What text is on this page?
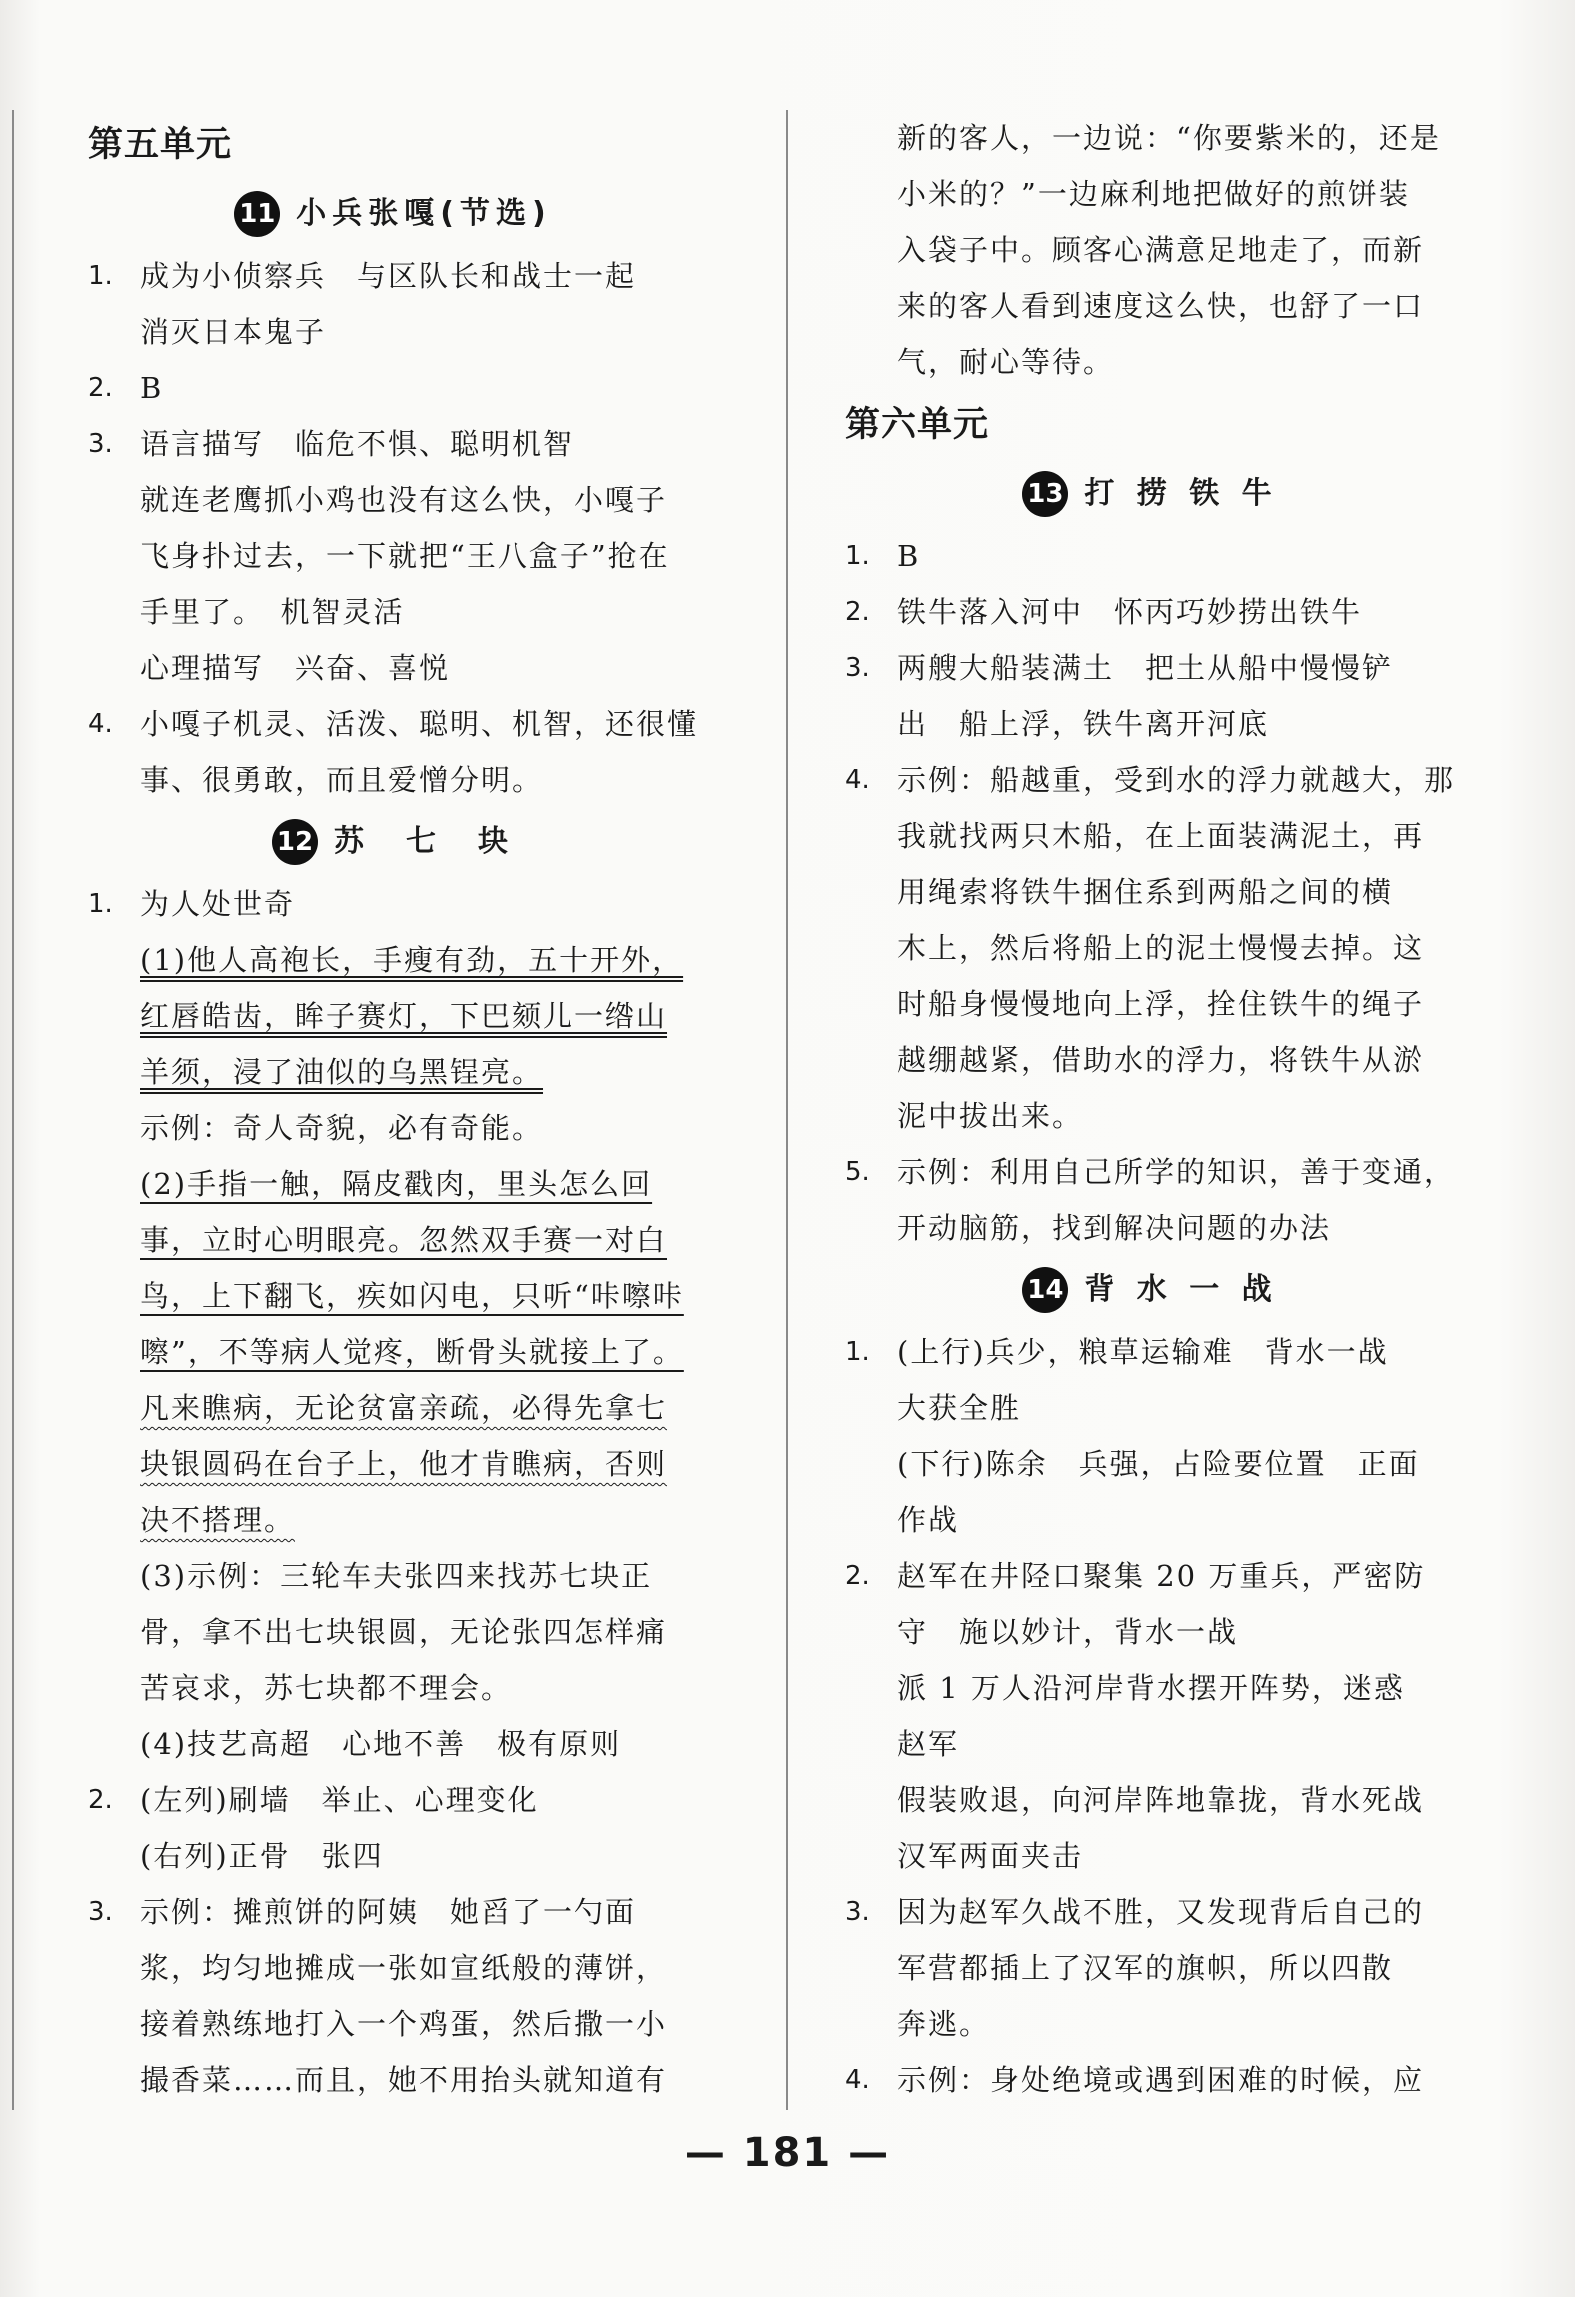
第五单元
11 小兵张嘎(节选)
1. 成为小侦察兵　与区队长和战士一起
消灭日本鬼子
2. B
3. 语言描写　临危不惧、聪明机智
就连老鹰抓小鸡也没有这么快，小嘎子
飞身扑过去，一下就把“王八盒子”抢在
手里了。　机智灵活
心理描写　兴奋、喜悦
4. 小嘎子机灵、活泼、聪明、机智，还很懂
事、很勇敢，而且爱憎分明。
12 苏　七　块
1. 为人处世奇
(1)他人高袍长，手瘦有劲，五十开外，
红唇皓齿，眸子赛灯，下巴颏儿一绺山
羊须，浸了油似的乌黑锃亮。
示例：奇人奇貌，必有奇能。
(2)手指一触，隔皮戳肉，里头怎么回
事，立时心明眼亮。忽然双手赛一对白
鸟，上下翻飞，疾如闪电，只听“咔嚓咔
嚓”，不等病人觉疼，断骨头就接上了。
凡来瞧病，无论贫富亲疏，必得先拿七
块银圆码在台子上，他才肯瞧病，否则
决不搭理。
(3)示例：三轮车夫张四来找苏七块正
骨，拿不出七块银圆，无论张四怎样痛
苦哀求，苏七块都不理会。
(4)技艺高超　心地不善　极有原则
2. (左列)刷墙　举止、心理变化
(右列)正骨　张四
3. 示例：摊煎饼的阿姨　她舀了一勺面
浆，均匀地摊成一张如宣纸般的薄饼，
接着熟练地打入一个鸡蛋，然后撒一小
撮香菜……而且，她不用抬头就知道有
新的客人，一边说：“你要紫米的，还是
小米的？”一边麻利地把做好的煎饼装
入袋子中。顾客心满意足地走了，而新
来的客人看到速度这么快，也舒了一口
气，耐心等待。
第六单元
13 打 捞 铁 牛
1. B
2. 铁牛落入河中　怀丙巧妙捞出铁牛
3. 两艘大船装满土　把土从船中慢慢铲
出　船上浮，铁牛离开河底
4. 示例：船越重，受到水的浮力就越大，那
我就找两只木船，在上面装满泥土，再
用绳索将铁牛捆住系到两船之间的横
木上，然后将船上的泥土慢慢去掉。这
时船身慢慢地向上浮，拴住铁牛的绳子
越绷越紧，借助水的浮力，将铁牛从淤
泥中拔出来。
5. 示例：利用自己所学的知识，善于变通，
开动脑筋，找到解决问题的办法
14 背 水 一 战
1. (上行)兵少，粮草运输难　背水一战
大获全胜
(下行)陈余　兵强，占险要位置　正面
作战
2. 赵军在井陉口聚集 20 万重兵，严密防
守　施以妙计，背水一战
派 1 万人沿河岸背水摆开阵势，迷惑
赵军
假装败退，向河岸阵地靠拢，背水死战
汉军两面夹击
3. 因为赵军久战不胜，又发现背后自己的
军营都插上了汉军的旗帜，所以四散
奔逃。
4. 示例：身处绝境或遇到困难的时候，应
— 181 —
